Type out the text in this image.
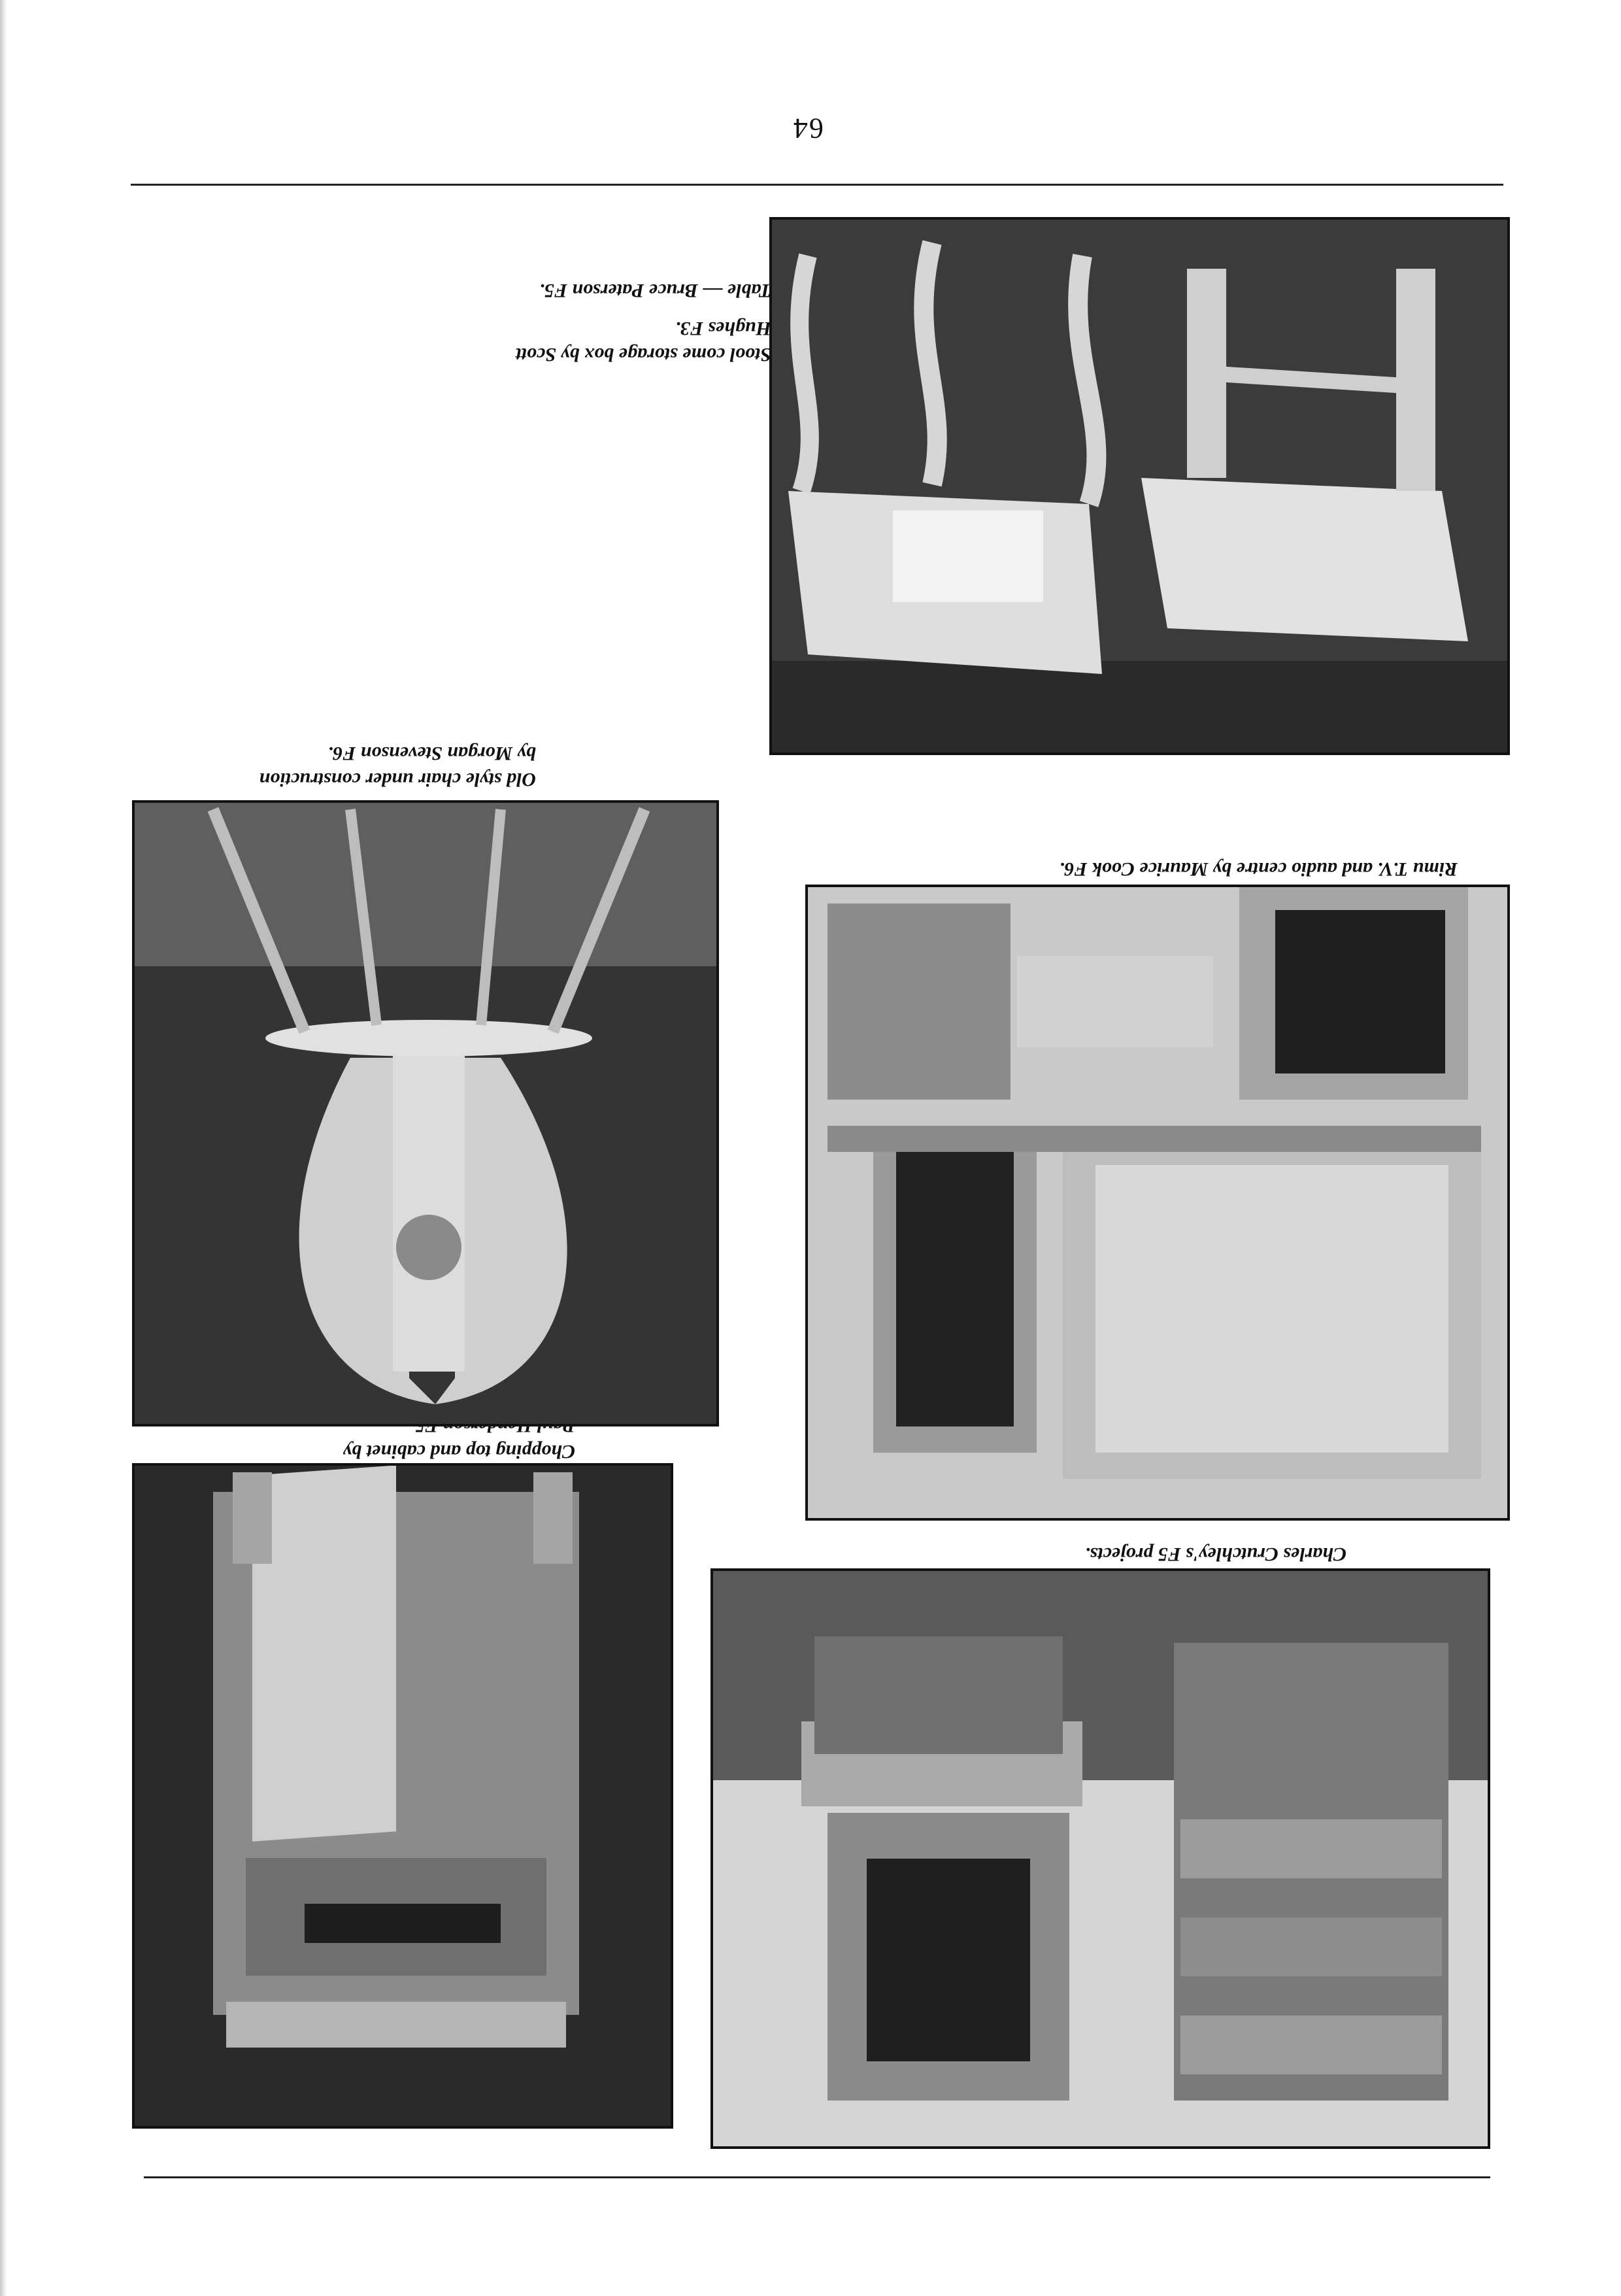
Chopping top and cabinet by
Charles Crutchley's F5 projects.
Old style chair under construction
by Morgan Stevenson F6.
Rimu T.V. and audio centre by Maurice Cook F6.
Stool come storage box by Scott
Hughes F3.
Table — Bruce Paterson F5.
64
